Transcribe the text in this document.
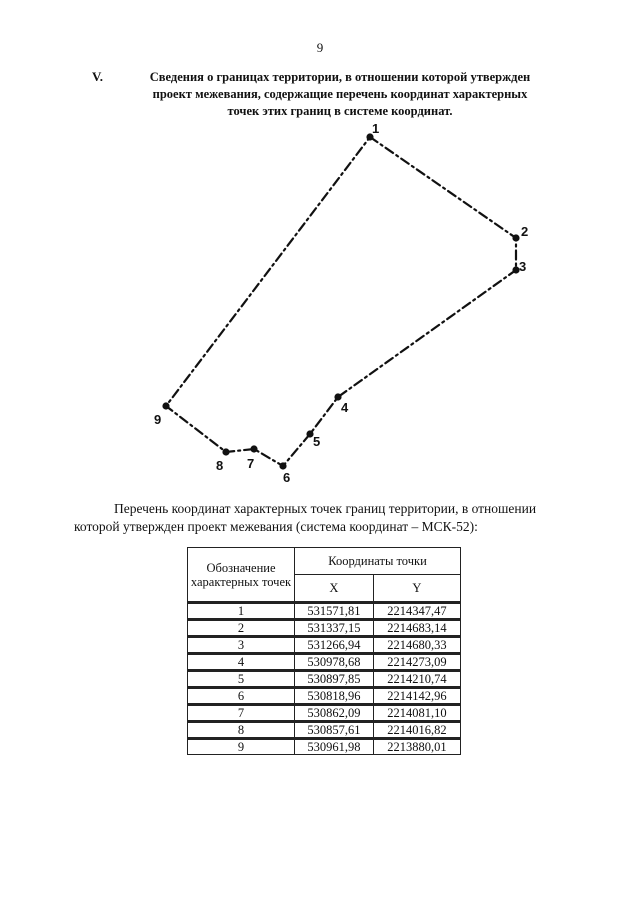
9
V.	Сведения о границах территории, в отношении которой утвержден
проект межевания, содержащие перечень координат характерных
точек этих границ в системе координат.
1
2
3
4
5
6
7
8
9
Перечень координат характерных точек границ территории, в отношении
которой утвержден проект межевания (система координат – МСК-52):
Обозначение характерных точек	Координаты точки	
	X	Y
1	531571,81	2214347,47
2	531337,15	2214683,14
3	531266,94	2214680,33
4	530978,68	2214273,09
5	530897,85	2214210,74
6	530818,96	2214142,96
7	530862,09	2214081,10
8	530857,61	2214016,82
9	530961,98	2213880,01
